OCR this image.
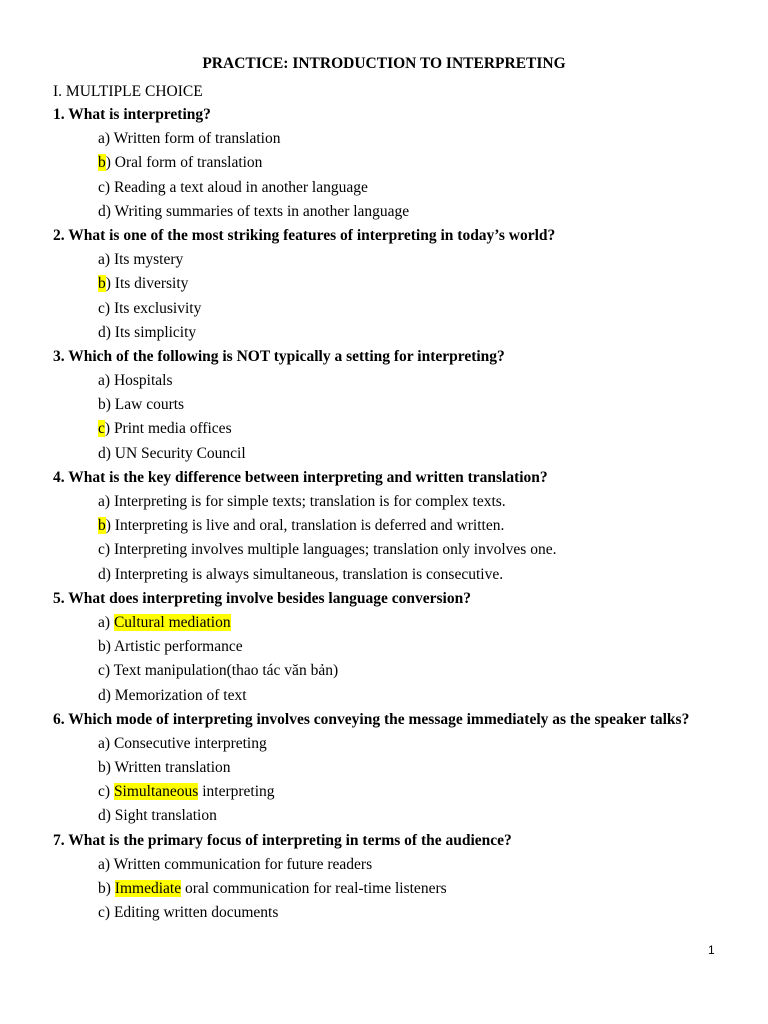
PRACTICE: INTRODUCTION TO INTERPRETING
I. MULTIPLE CHOICE
1. What is interpreting?
a) Written form of translation
b) Oral form of translation
c) Reading a text aloud in another language
d) Writing summaries of texts in another language
2. What is one of the most striking features of interpreting in today’s world?
a) Its mystery
b) Its diversity
c) Its exclusivity
d) Its simplicity
3. Which of the following is NOT typically a setting for interpreting?
a) Hospitals
b) Law courts
c) Print media offices
d) UN Security Council
4. What is the key difference between interpreting and written translation?
a) Interpreting is for simple texts; translation is for complex texts.
b) Interpreting is live and oral, translation is deferred and written.
c) Interpreting involves multiple languages; translation only involves one.
d) Interpreting is always simultaneous, translation is consecutive.
5. What does interpreting involve besides language conversion?
a) Cultural mediation
b) Artistic performance
c) Text manipulation(thao tác văn bản)
d) Memorization of text
6. Which mode of interpreting involves conveying the message immediately as the speaker talks?
a) Consecutive interpreting
b) Written translation
c) Simultaneous interpreting
d) Sight translation
7. What is the primary focus of interpreting in terms of the audience?
a) Written communication for future readers
b) Immediate oral communication for real-time listeners
c) Editing written documents
1
